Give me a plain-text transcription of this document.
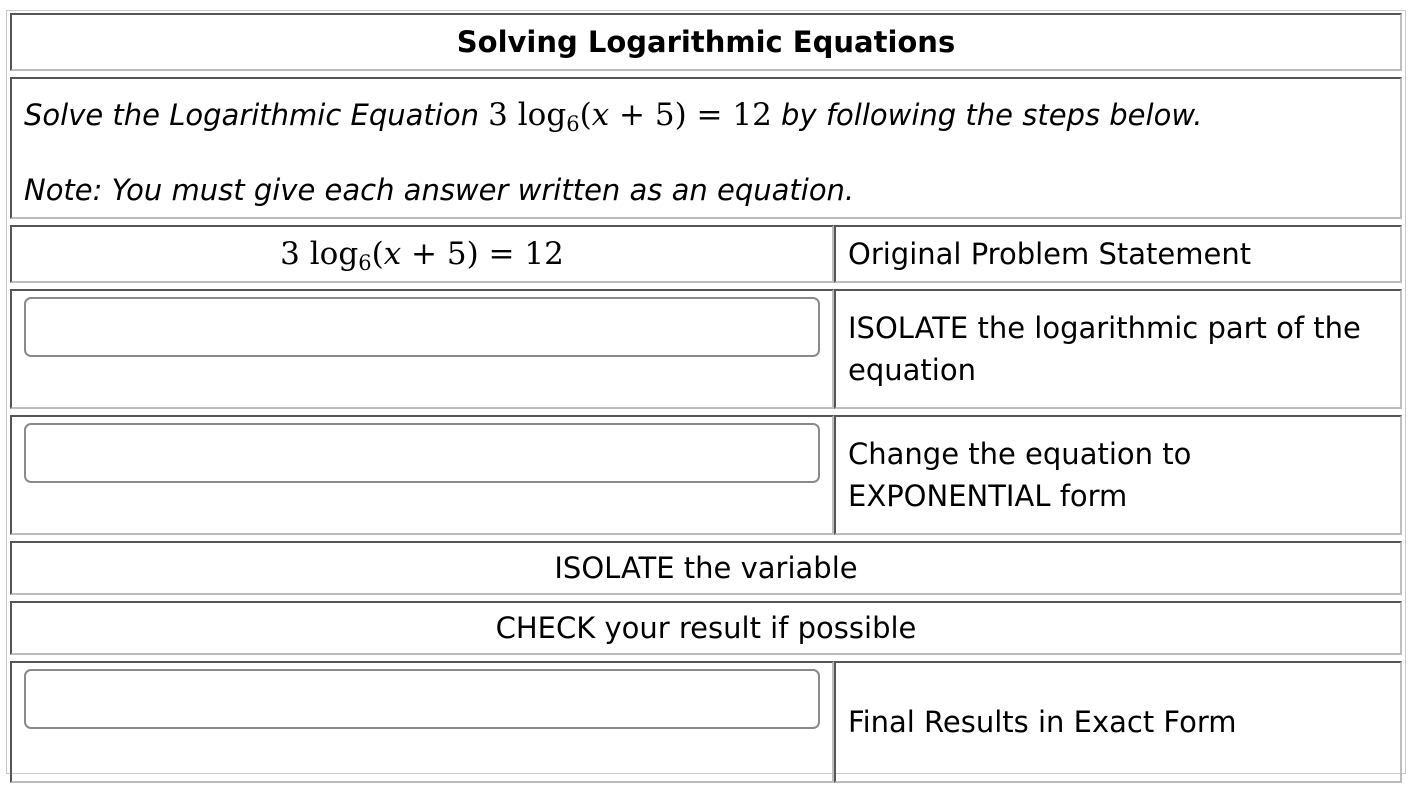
Solving Logarithmic Equations	

Solve the Logarithmic Equation 3 $\log_6(x + 5) = 12$ by following the steps below.
Note: You must give each answer written as an equation.	

3 $\log_6(x + 5) = 12$	Original Problem Statement

	ISOLATE the logarithmic part of the equation

	Change the equation to EXPONENTIAL form
ISOLATE the variable	
CHECK your result if possible	

	Final Results in Exact Form
